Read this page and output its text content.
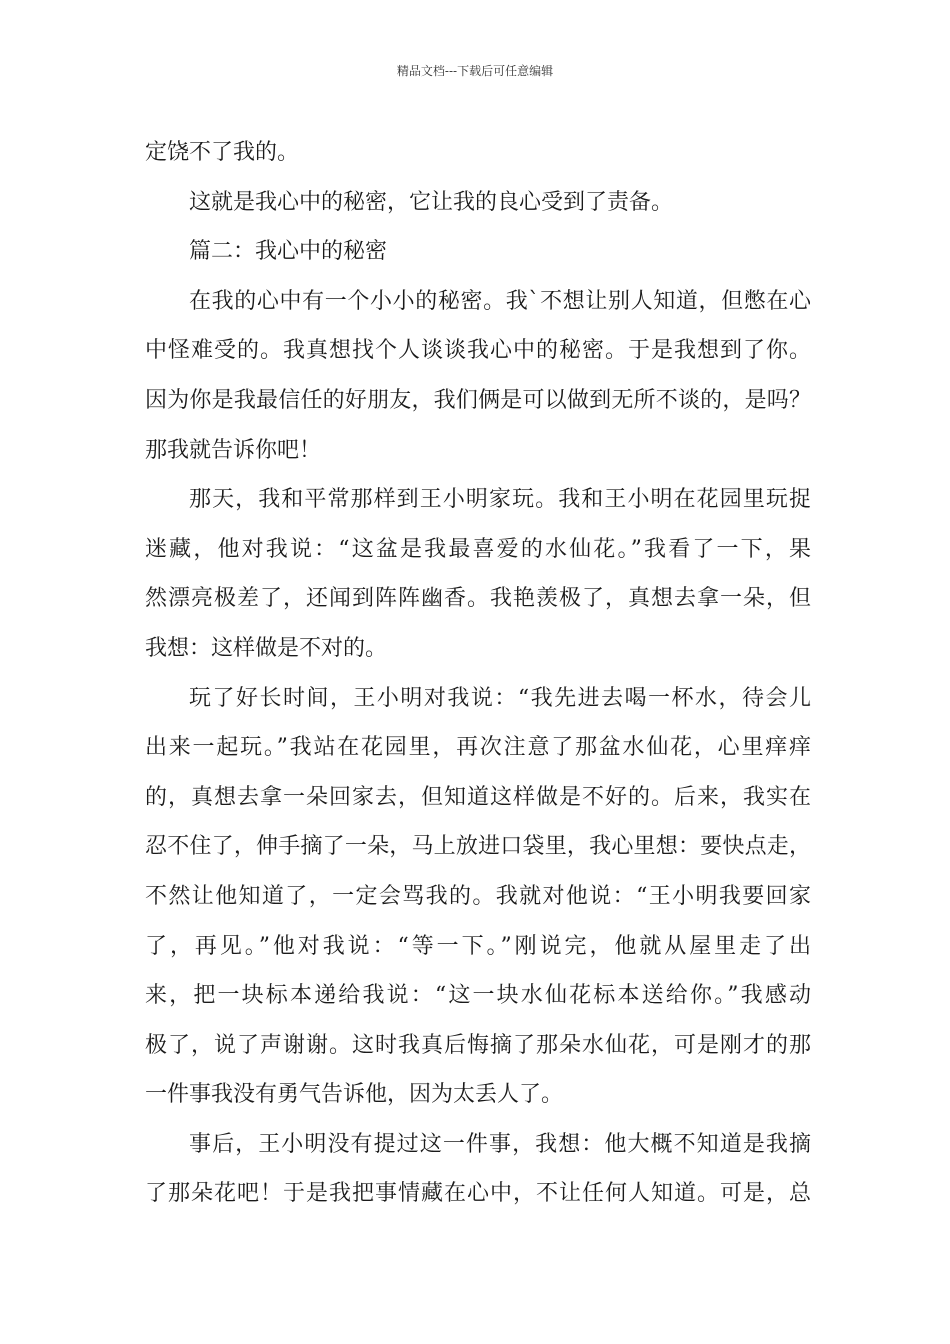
精品文档---下载后可任意编辑
定饶不了我的。
这就是我心中的秘密，它让我的良心受到了责备。
篇二：我心中的秘密
在我的心中有一个小小的秘密。我`不想让别人知道，但憋在心
中怪难受的。我真想找个人谈谈我心中的秘密。于是我想到了你。
因为你是我最信任的好朋友，我们俩是可以做到无所不谈的，是吗？
那我就告诉你吧！
那天，我和平常那样到王小明家玩。我和王小明在花园里玩捉
迷藏，他对我说：“这盆是我最喜爱的水仙花。”我看了一下，果
然漂亮极差了，还闻到阵阵幽香。我艳羡极了，真想去拿一朵，但
我想：这样做是不对的。
玩了好长时间，王小明对我说：“我先进去喝一杯水，待会儿
出来一起玩。”我站在花园里，再次注意了那盆水仙花，心里痒痒
的，真想去拿一朵回家去，但知道这样做是不好的。后来，我实在
忍不住了，伸手摘了一朵，马上放进口袋里，我心里想：要快点走，
不然让他知道了，一定会骂我的。我就对他说：“王小明我要回家
了，再见。”他对我说：“等一下。”刚说完，他就从屋里走了出
来，把一块标本递给我说：“这一块水仙花标本送给你。”我感动
极了，说了声谢谢。这时我真后悔摘了那朵水仙花，可是刚才的那
一件事我没有勇气告诉他，因为太丢人了。
事后，王小明没有提过这一件事，我想：他大概不知道是我摘
了那朵花吧！于是我把事情藏在心中，不让任何人知道。可是，总
